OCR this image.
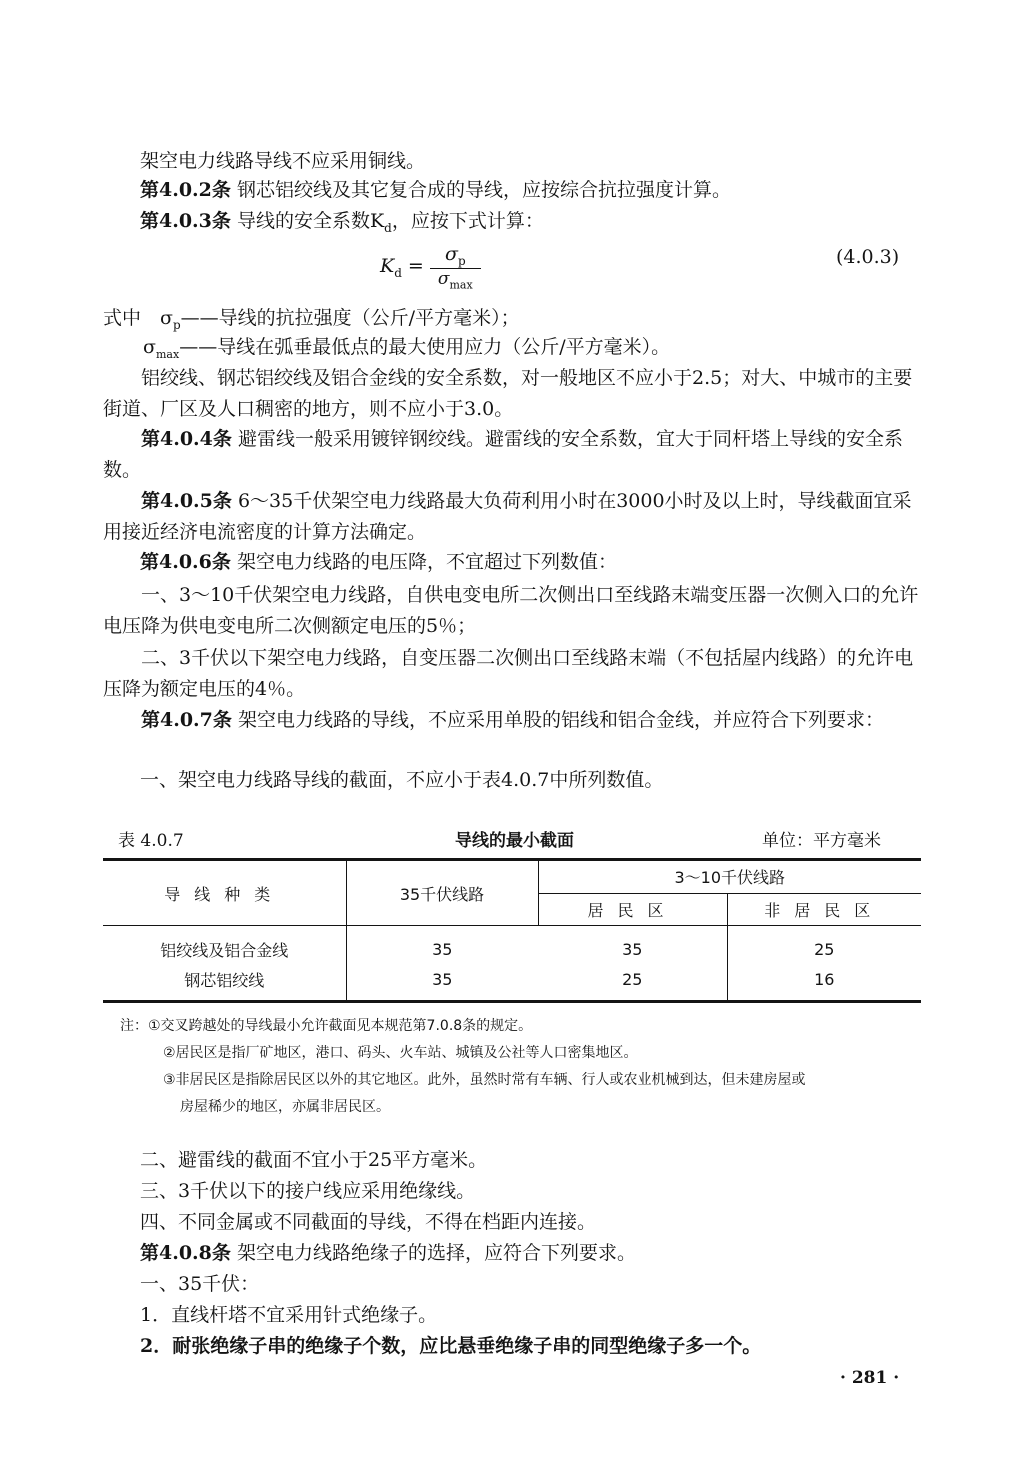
架空电力线路导线不应采用铜线。
第4.0.2条 钢芯铝绞线及其它复合成的导线，应按综合抗拉强度计算。
第4.0.3条 导线的安全系数$K_d$，应按下式计算：
$K_d = \frac{\sigma_p}{\sigma_{max}}$	(4.0.3)
式中　$\sigma_p——$导线的抗拉强度（公斤/平方毫米）；
$\sigma_{max}——$导线在弧垂最低点的最大使用应力（公斤/平方毫米）。
铝绞线、钢芯铝绞线及铝合金线的安全系数，对一般地区不应小于2.5；对大、中城市的主要街道、厂区及人口稠密的地方，则不应小于3.0。
第4.0.4条 避雷线一般采用镀锌钢绞线。避雷线的安全系数，宜大于同杆塔上导线的安全系数。
第4.0.5条 6～35千伏架空电力线路最大负荷利用小时在3000小时及以上时，导线截面宜采用接近经济电流密度的计算方法确定。
第4.0.6条 架空电力线路的电压降，不宜超过下列数值：
一、3～10千伏架空电力线路，自供电变电所二次侧出口至线路末端变压器一次侧入口的允许电压降为供电变电所二次侧额定电压的5％；
二、3千伏以下架空电力线路，自变压器二次侧出口至线路末端（不包括屋内线路）的允许电压降为额定电压的4％。
第4.0.7条 架空电力线路的导线，不应采用单股的铝线和铝合金线，并应符合下列要求：
一、架空电力线路导线的截面，不应小于表4.0.7中所列数值。
表 4.0.7	导线的最小截面	单位：平方毫米
导线种类	35千伏线路	3～10千伏线路	
		居民区	非居民区
铝绞线及铝合金线	35	35	25
钢芯铝绞线	35	25	16
注：①交叉跨越处的导线最小允许截面见本规范第7.0.8条的规定。
②居民区是指厂矿地区，港口、码头、火车站、城镇及公社等人口密集地区。
③非居民区是指除居民区以外的其它地区。此外，虽然时常有车辆、行人或农业机械到达，但未建房屋或
房屋稀少的地区，亦属非居民区。
二、避雷线的截面不宜小于25平方毫米。
三、3千伏以下的接户线应采用绝缘线。
四、不同金属或不同截面的导线，不得在档距内连接。
第4.0.8条 架空电力线路绝缘子的选择，应符合下列要求。
一、35千伏：
1．直线杆塔不宜采用针式绝缘子。
2．耐张绝缘子串的绝缘子个数，应比悬垂绝缘子串的同型绝缘子多一个。
· 281 ·
